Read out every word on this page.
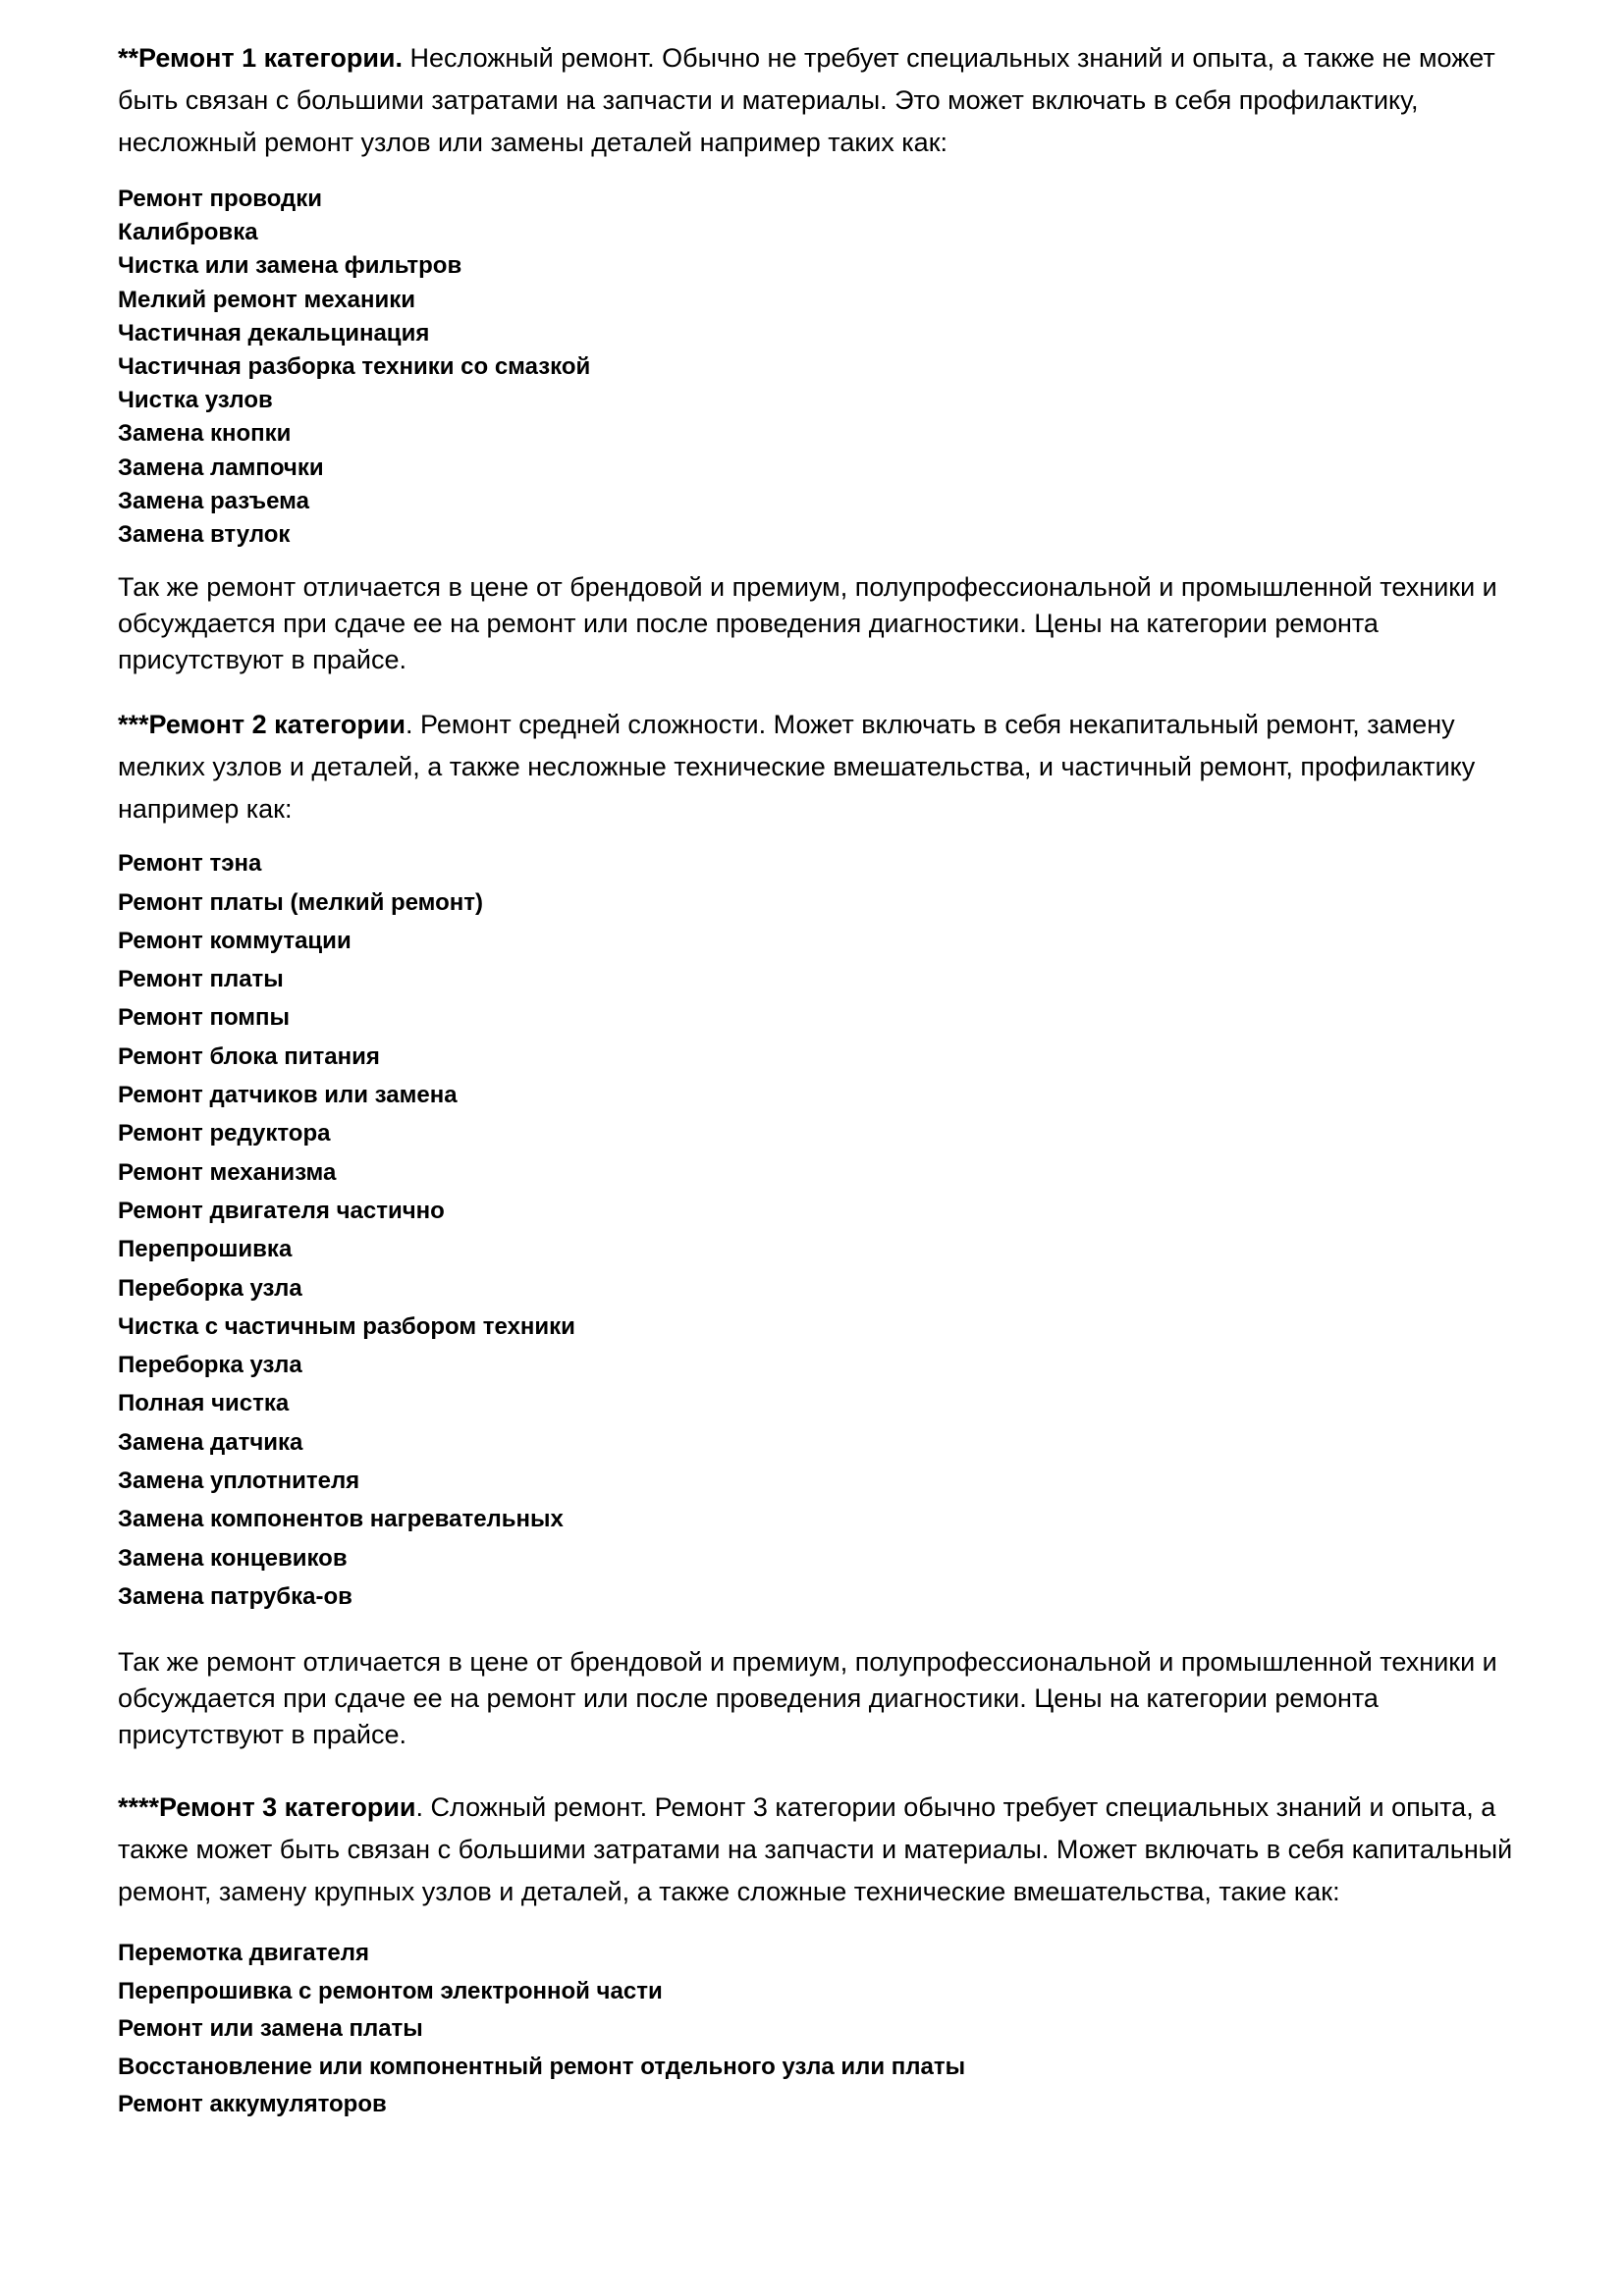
**Ремонт 1 категории. Несложный ремонт. Обычно не требует специальных знаний и опыта, а также не может быть связан с большими затратами на запчасти и материалы. Это может включать в себя профилактику, несложный ремонт узлов или замены деталей например таких как:

Ремонт проводки
Калибровка
Чистка или замена фильтров
Мелкий ремонт механики
Частичная декальцинация
Частичная разборка техники со смазкой
Чистка узлов
Замена кнопки
Замена лампочки
Замена разъема
Замена втулок

Так же ремонт отличается в цене от брендовой и премиум, полупрофессиональной и промышленной техники и обсуждается при сдаче ее на ремонт или после проведения диагностики. Цены на категории ремонта присутствуют в прайсе.

***Ремонт 2 категории. Ремонт средней сложности. Может включать в себя некапитальный ремонт, замену мелких узлов и деталей, а также несложные технические вмешательства, и частичный ремонт, профилактику например как:

Ремонт тэна
Ремонт платы (мелкий ремонт)
Ремонт коммутации
Ремонт платы
Ремонт помпы
Ремонт блока питания
Ремонт датчиков или замена
Ремонт редуктора
Ремонт механизма
Ремонт двигателя частично
Перепрошивка
Переборка узла
Чистка с частичным разбором техники
Переборка узла
Полная чистка
Замена датчика
Замена уплотнителя
Замена компонентов нагревательных
Замена концевиков
Замена патрубка-ов

Так же ремонт отличается в цене от брендовой и премиум, полупрофессиональной и промышленной техники и обсуждается при сдаче ее на ремонт или после проведения диагностики. Цены на категории ремонта присутствуют в прайсе.

****Ремонт 3 категории. Сложный ремонт. Ремонт 3 категории обычно требует специальных знаний и опыта, а также может быть связан с большими затратами на запчасти и материалы. Может включать в себя капитальный ремонт, замену крупных узлов и деталей, а также сложные технические вмешательства, такие как:

Перемотка двигателя
Перепрошивка с ремонтом электронной части
Ремонт или замена платы
Восстановление или компонентный ремонт отдельного узла или платы
Ремонт аккумуляторов
